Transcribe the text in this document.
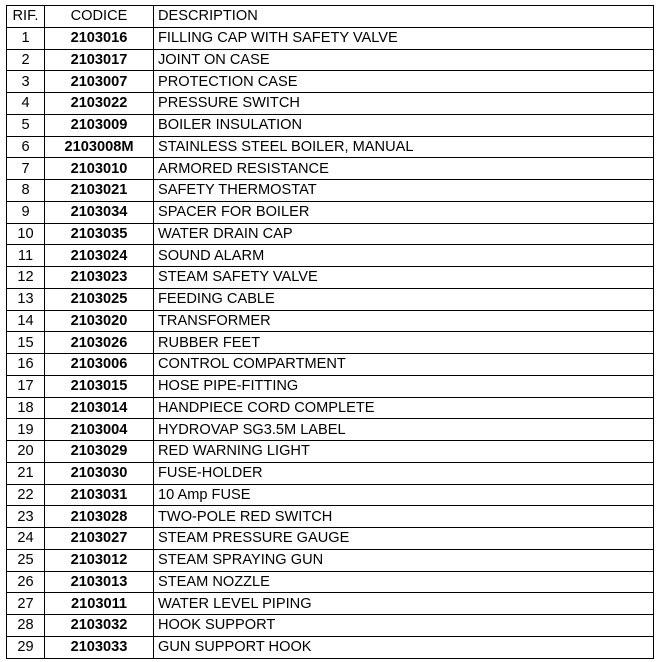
RIF.	CODICE	DESCRIPTION
1	2103016	FILLING CAP WITH SAFETY VALVE
2	2103017	JOINT ON CASE
3	2103007	PROTECTION CASE
4	2103022	PRESSURE SWITCH
5	2103009	BOILER INSULATION
6	2103008M	STAINLESS STEEL BOILER, MANUAL
7	2103010	ARMORED RESISTANCE
8	2103021	SAFETY THERMOSTAT
9	2103034	SPACER FOR BOILER
10	2103035	WATER DRAIN CAP
11	2103024	SOUND ALARM
12	2103023	STEAM SAFETY VALVE
13	2103025	FEEDING CABLE
14	2103020	TRANSFORMER
15	2103026	RUBBER FEET
16	2103006	CONTROL COMPARTMENT
17	2103015	HOSE PIPE-FITTING
18	2103014	HANDPIECE CORD COMPLETE
19	2103004	HYDROVAP SG3.5M LABEL
20	2103029	RED WARNING LIGHT
21	2103030	FUSE-HOLDER
22	2103031	10 Amp FUSE
23	2103028	TWO-POLE RED SWITCH
24	2103027	STEAM PRESSURE GAUGE
25	2103012	STEAM SPRAYING GUN
26	2103013	STEAM NOZZLE
27	2103011	WATER LEVEL PIPING
28	2103032	HOOK SUPPORT
29	2103033	GUN SUPPORT HOOK
